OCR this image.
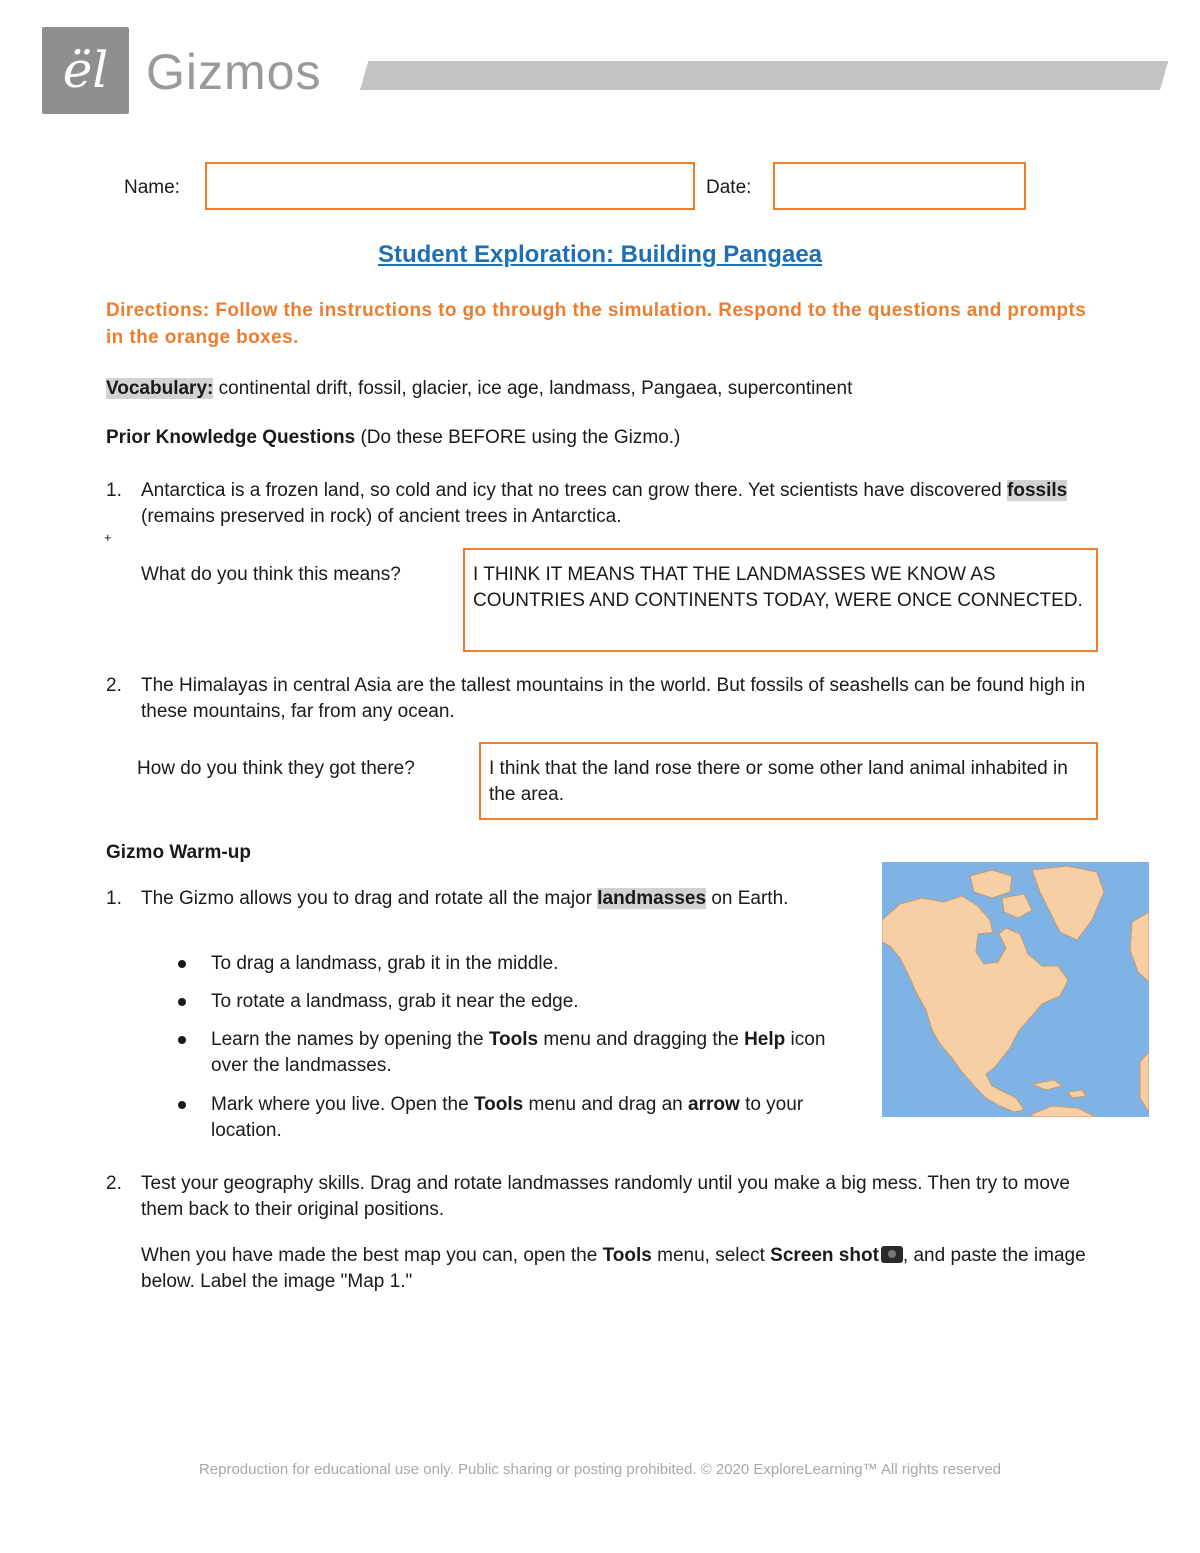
ël Gizmos
Name:	Date:
Student Exploration: Building Pangaea
Directions: Follow the instructions to go through the simulation. Respond to the questions and prompts in the orange boxes.
Vocabulary: continental drift, fossil, glacier, ice age, landmass, Pangaea, supercontinent
Prior Knowledge Questions (Do these BEFORE using the Gizmo.)
1. Antarctica is a frozen land, so cold and icy that no trees can grow there. Yet scientists have discovered fossils (remains preserved in rock) of ancient trees in Antarctica.
+
What do you think this means?	I THINK IT MEANS THAT THE LANDMASSES WE KNOW AS COUNTRIES AND CONTINENTS TODAY, WERE ONCE CONNECTED.
2. The Himalayas in central Asia are the tallest mountains in the world. But fossils of seashells can be found high in these mountains, far from any ocean.
How do you think they got there?	I think that the land rose there or some other land animal inhabited in the area.
Gizmo Warm-up
1. The Gizmo allows you to drag and rotate all the major landmasses on Earth.
To drag a landmass, grab it in the middle.
To rotate a landmass, grab it near the edge.
Learn the names by opening the Tools menu and dragging the Help icon over the landmasses.
Mark where you live. Open the Tools menu and drag an arrow to your location.
2. Test your geography skills. Drag and rotate landmasses randomly until you make a big mess. Then try to move them back to their original positions.
When you have made the best map you can, open the Tools menu, select Screen shot , and paste the image below. Label the image "Map 1."
Reproduction for educational use only. Public sharing or posting prohibited. © 2020 ExploreLearning™ All rights reserved
